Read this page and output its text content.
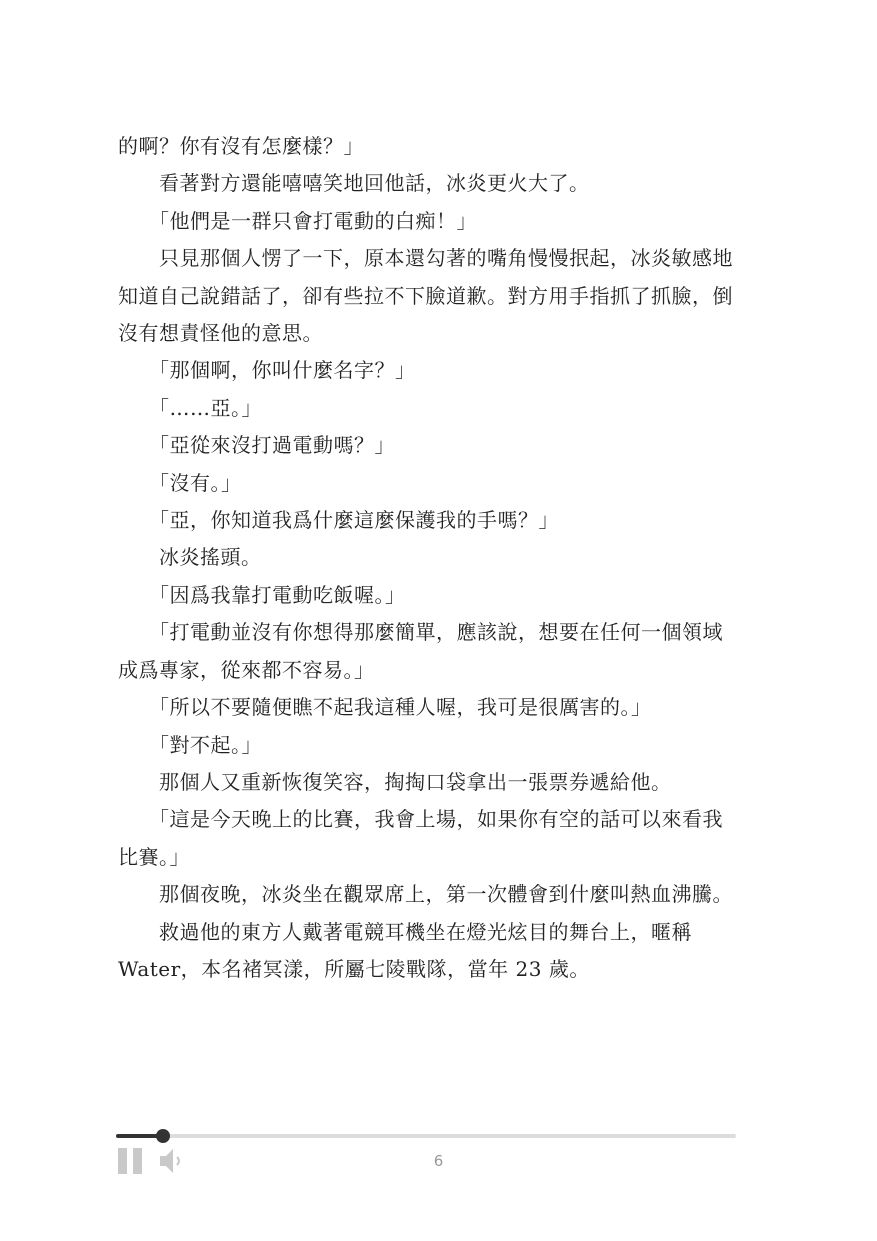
的啊？你有沒有怎麼樣？」

　　看著對方還能嘻嘻笑地回他話，冰炎更火大了。

　　「他們是一群只會打電動的白痴！」

　　只見那個人愣了一下，原本還勾著的嘴角慢慢抿起，冰炎敏感地知道自己說錯話了，卻有些拉不下臉道歉。對方用手指抓了抓臉，倒沒有想責怪他的意思。

　　「那個啊，你叫什麼名字？」

　　「……亞。」

　　「亞從來沒打過電動嗎？」

　　「沒有。」

　　「亞，你知道我爲什麼這麼保護我的手嗎？」

　　冰炎搖頭。

　　「因爲我靠打電動吃飯喔。」

　　「打電動並沒有你想得那麼簡單，應該說，想要在任何一個領域成爲專家，從來都不容易。」

　　「所以不要隨便瞧不起我這種人喔，我可是很厲害的。」

　　「對不起。」

　　那個人又重新恢復笑容，掏掏口袋拿出一張票券遞給他。

　　「這是今天晚上的比賽，我會上場，如果你有空的話可以來看我比賽。」

　　那個夜晚，冰炎坐在觀眾席上，第一次體會到什麼叫熱血沸騰。

　　救過他的東方人戴著電競耳機坐在燈光炫目的舞台上，暱稱Water，本名褚冥漾，所屬七陵戰隊，當年 23 歲。

6
